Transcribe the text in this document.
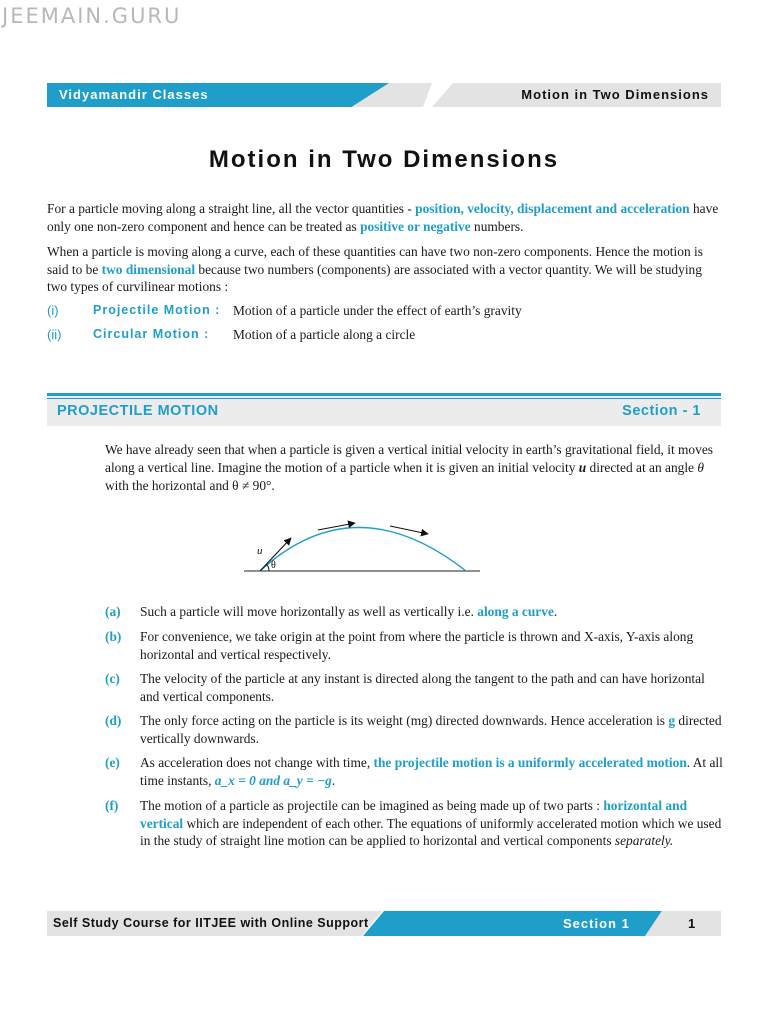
JEEMAIN.GURU
Vidyamandir Classes	Motion in Two Dimensions
Motion in Two Dimensions
For a particle moving along a straight line, all the vector quantities - position, velocity, displacement and acceleration have only one non-zero component and hence can be treated as positive or negative numbers.
When a particle is moving along a curve, each of these quantities can have two non-zero components. Hence the motion is said to be two dimensional because two numbers (components) are associated with a vector quantity. We will be studying two types of curvilinear motions :
(i)	Projectile Motion : Motion of a particle under the effect of earth’s gravity
(ii)	Circular Motion : Motion of a particle along a circle
PROJECTILE MOTION	Section - 1
We have already seen that when a particle is given a vertical initial velocity in earth’s gravitational field, it moves along a vertical line. Imagine the motion of a particle when it is given an initial velocity u directed at an angle θ with the horizontal and θ ≠ 90°.
u
θ
(a) Such a particle will move horizontally as well as vertically i.e. along a curve.
(b) For convenience, we take origin at the point from where the particle is thrown and X-axis, Y-axis along horizontal and vertical respectively.
(c) The velocity of the particle at any instant is directed along the tangent to the path and can have horizontal and vertical components.
(d) The only force acting on the particle is its weight (mg) directed downwards. Hence acceleration is g directed vertically downwards.
(e) As acceleration does not change with time, the projectile motion is a uniformly accelerated motion. At all time instants, a_x = 0 and a_y = −g.
(f) The motion of a particle as projectile can be imagined as being made up of two parts : horizontal and vertical which are independent of each other. The equations of uniformly accelerated motion which we used in the study of straight line motion can be applied to horizontal and vertical components separately.
Self Study Course for IITJEE with Online Support	Section 1	1
